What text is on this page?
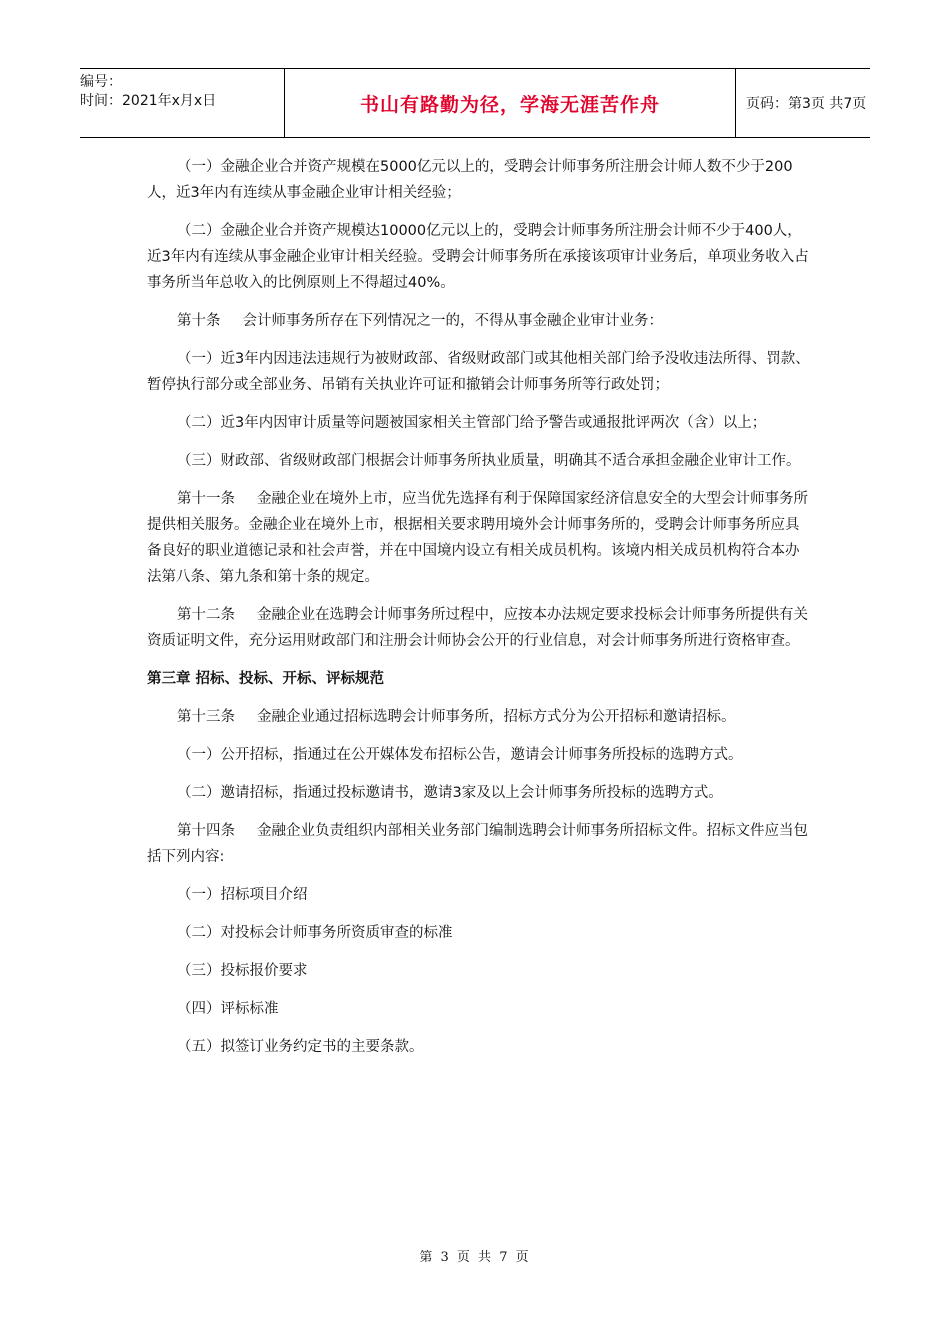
编号：
时间：2021年x月x日	书山有路勤为径，学海无涯苦作舟	页码：第3页 共7页

（一）金融企业合并资产规模在5000亿元以上的，受聘会计师事务所注册会计师人数不少于200人，近3年内有连续从事金融企业审计相关经验；

（二）金融企业合并资产规模达10000亿元以上的，受聘会计师事务所注册会计师不少于400人，近3年内有连续从事金融企业审计相关经验。受聘会计师事务所在承接该项审计业务后，单项业务收入占事务所当年总收入的比例原则上不得超过40%。

第十条 会计师事务所存在下列情况之一的，不得从事金融企业审计业务：

（一）近3年内因违法违规行为被财政部、省级财政部门或其他相关部门给予没收违法所得、罚款、暂停执行部分或全部业务、吊销有关执业许可证和撤销会计师事务所等行政处罚；

（二）近3年内因审计质量等问题被国家相关主管部门给予警告或通报批评两次（含）以上；

（三）财政部、省级财政部门根据会计师事务所执业质量，明确其不适合承担金融企业审计工作。

第十一条 金融企业在境外上市，应当优先选择有利于保障国家经济信息安全的大型会计师事务所提供相关服务。金融企业在境外上市，根据相关要求聘用境外会计师事务所的，受聘会计师事务所应具备良好的职业道德记录和社会声誉，并在中国境内设立有相关成员机构。该境内相关成员机构符合本办法第八条、第九条和第十条的规定。

第十二条 金融企业在选聘会计师事务所过程中，应按本办法规定要求投标会计师事务所提供有关资质证明文件，充分运用财政部门和注册会计师协会公开的行业信息，对会计师事务所进行资格审查。

第三章 招标、投标、开标、评标规范

第十三条 金融企业通过招标选聘会计师事务所，招标方式分为公开招标和邀请招标。

（一）公开招标，指通过在公开媒体发布招标公告，邀请会计师事务所投标的选聘方式。

（二）邀请招标，指通过投标邀请书，邀请3家及以上会计师事务所投标的选聘方式。

第十四条 金融企业负责组织内部相关业务部门编制选聘会计师事务所招标文件。招标文件应当包括下列内容:

（一）招标项目介绍

（二）对投标会计师事务所资质审查的标准

（三）投标报价要求

（四）评标标准

（五）拟签订业务约定书的主要条款。

第 3 页 共 7 页
